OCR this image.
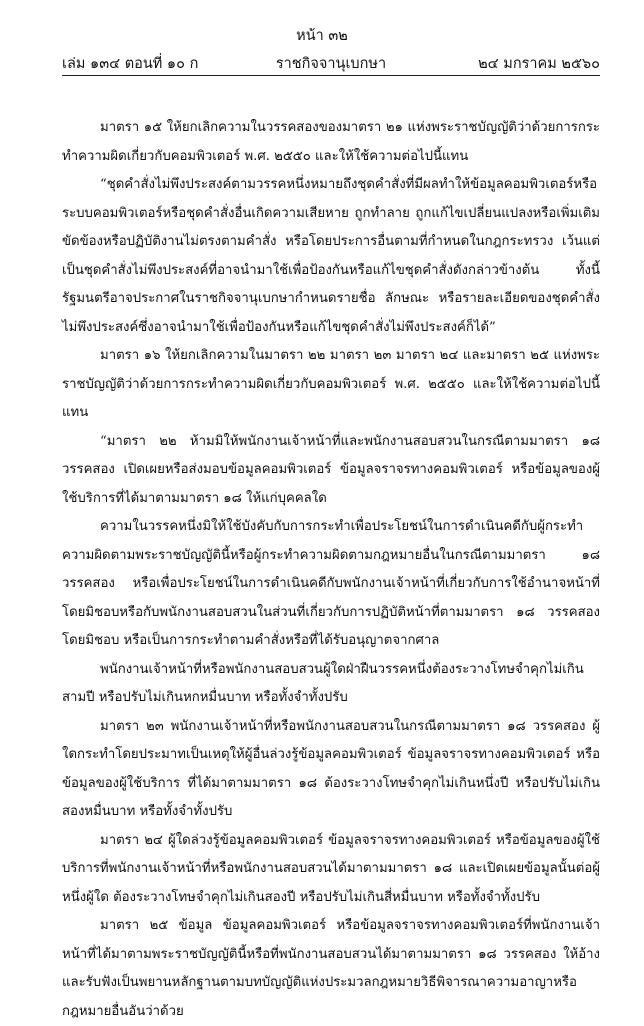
หน้า ๓๒
ราชกิจจานุเบกษา
เล่ม ๑๓๔ ตอนที่ ๑๐ ก	๒๔ มกราคม ๒๕๖๐

มาตรา ๑๕ ให้ยกเลิกความในวรรคสองของมาตรา ๒๑ แห่งพระราชบัญญัติว่าด้วยการกระทำความผิดเกี่ยวกับคอมพิวเตอร์ พ.ศ. ๒๕๕๐ และให้ใช้ความต่อไปนี้แทน

“ชุดคำสั่งไม่พึงประสงค์ตามวรรคหนึ่งหมายถึงชุดคำสั่งที่มีผลทำให้ข้อมูลคอมพิวเตอร์หรือระบบคอมพิวเตอร์หรือชุดคำสั่งอื่นเกิดความเสียหาย ถูกทำลาย ถูกแก้ไขเปลี่ยนแปลงหรือเพิ่มเติม ขัดข้องหรือปฏิบัติงานไม่ตรงตามคำสั่ง หรือโดยประการอื่นตามที่กำหนดในกฎกระทรวง เว้นแต่เป็นชุดคำสั่งไม่พึงประสงค์ที่อาจนำมาใช้เพื่อป้องกันหรือแก้ไขชุดคำสั่งดังกล่าวข้างต้น ทั้งนี้ รัฐมนตรีอาจประกาศในราชกิจจานุเบกษากำหนดรายชื่อ ลักษณะ หรือรายละเอียดของชุดคำสั่งไม่พึงประสงค์ซึ่งอาจนำมาใช้เพื่อป้องกันหรือแก้ไขชุดคำสั่งไม่พึงประสงค์ก็ได้”

มาตรา ๑๖ ให้ยกเลิกความในมาตรา ๒๒ มาตรา ๒๓ มาตรา ๒๔ และมาตรา ๒๕ แห่งพระราชบัญญัติว่าด้วยการกระทำความผิดเกี่ยวกับคอมพิวเตอร์ พ.ศ. ๒๕๕๐ และให้ใช้ความต่อไปนี้แทน

“มาตรา ๒๒ ห้ามมิให้พนักงานเจ้าหน้าที่และพนักงานสอบสวนในกรณีตามมาตรา ๑๘ วรรคสอง เปิดเผยหรือส่งมอบข้อมูลคอมพิวเตอร์ ข้อมูลจราจรทางคอมพิวเตอร์ หรือข้อมูลของผู้ใช้บริการที่ได้มาตามมาตรา ๑๘ ให้แก่บุคคลใด

ความในวรรคหนึ่งมิให้ใช้บังคับกับการกระทำเพื่อประโยชน์ในการดำเนินคดีกับผู้กระทำความผิดตามพระราชบัญญัตินี้หรือผู้กระทำความผิดตามกฎหมายอื่นในกรณีตามมาตรา ๑๘ วรรคสอง หรือเพื่อประโยชน์ในการดำเนินคดีกับพนักงานเจ้าหน้าที่เกี่ยวกับการใช้อำนาจหน้าที่โดยมิชอบหรือกับพนักงานสอบสวนในส่วนที่เกี่ยวกับการปฏิบัติหน้าที่ตามมาตรา ๑๘ วรรคสอง โดยมิชอบ หรือเป็นการกระทำตามคำสั่งหรือที่ได้รับอนุญาตจากศาล

พนักงานเจ้าหน้าที่หรือพนักงานสอบสวนผู้ใดฝ่าฝืนวรรคหนึ่งต้องระวางโทษจำคุกไม่เกินสามปี หรือปรับไม่เกินหกหมื่นบาท หรือทั้งจำทั้งปรับ

มาตรา ๒๓ พนักงานเจ้าหน้าที่หรือพนักงานสอบสวนในกรณีตามมาตรา ๑๘ วรรคสอง ผู้ใดกระทำโดยประมาทเป็นเหตุให้ผู้อื่นล่วงรู้ข้อมูลคอมพิวเตอร์ ข้อมูลจราจรทางคอมพิวเตอร์ หรือข้อมูลของผู้ใช้บริการ ที่ได้มาตามมาตรา ๑๘ ต้องระวางโทษจำคุกไม่เกินหนึ่งปี หรือปรับไม่เกินสองหมื่นบาท หรือทั้งจำทั้งปรับ

มาตรา ๒๔ ผู้ใดล่วงรู้ข้อมูลคอมพิวเตอร์ ข้อมูลจราจรทางคอมพิวเตอร์ หรือข้อมูลของผู้ใช้บริการที่พนักงานเจ้าหน้าที่หรือพนักงานสอบสวนได้มาตามมาตรา ๑๘ และเปิดเผยข้อมูลนั้นต่อผู้หนึ่งผู้ใด ต้องระวางโทษจำคุกไม่เกินสองปี หรือปรับไม่เกินสี่หมื่นบาท หรือทั้งจำทั้งปรับ

มาตรา ๒๕ ข้อมูล ข้อมูลคอมพิวเตอร์ หรือข้อมูลจราจรทางคอมพิวเตอร์ที่พนักงานเจ้าหน้าที่ได้มาตามพระราชบัญญัตินี้หรือที่พนักงานสอบสวนได้มาตามมาตรา ๑๘ วรรคสอง ให้อ้างและรับฟังเป็นพยานหลักฐานตามบทบัญญัติแห่งประมวลกฎหมายวิธีพิจารณาความอาญาหรือกฎหมายอื่นอันว่าด้วย
